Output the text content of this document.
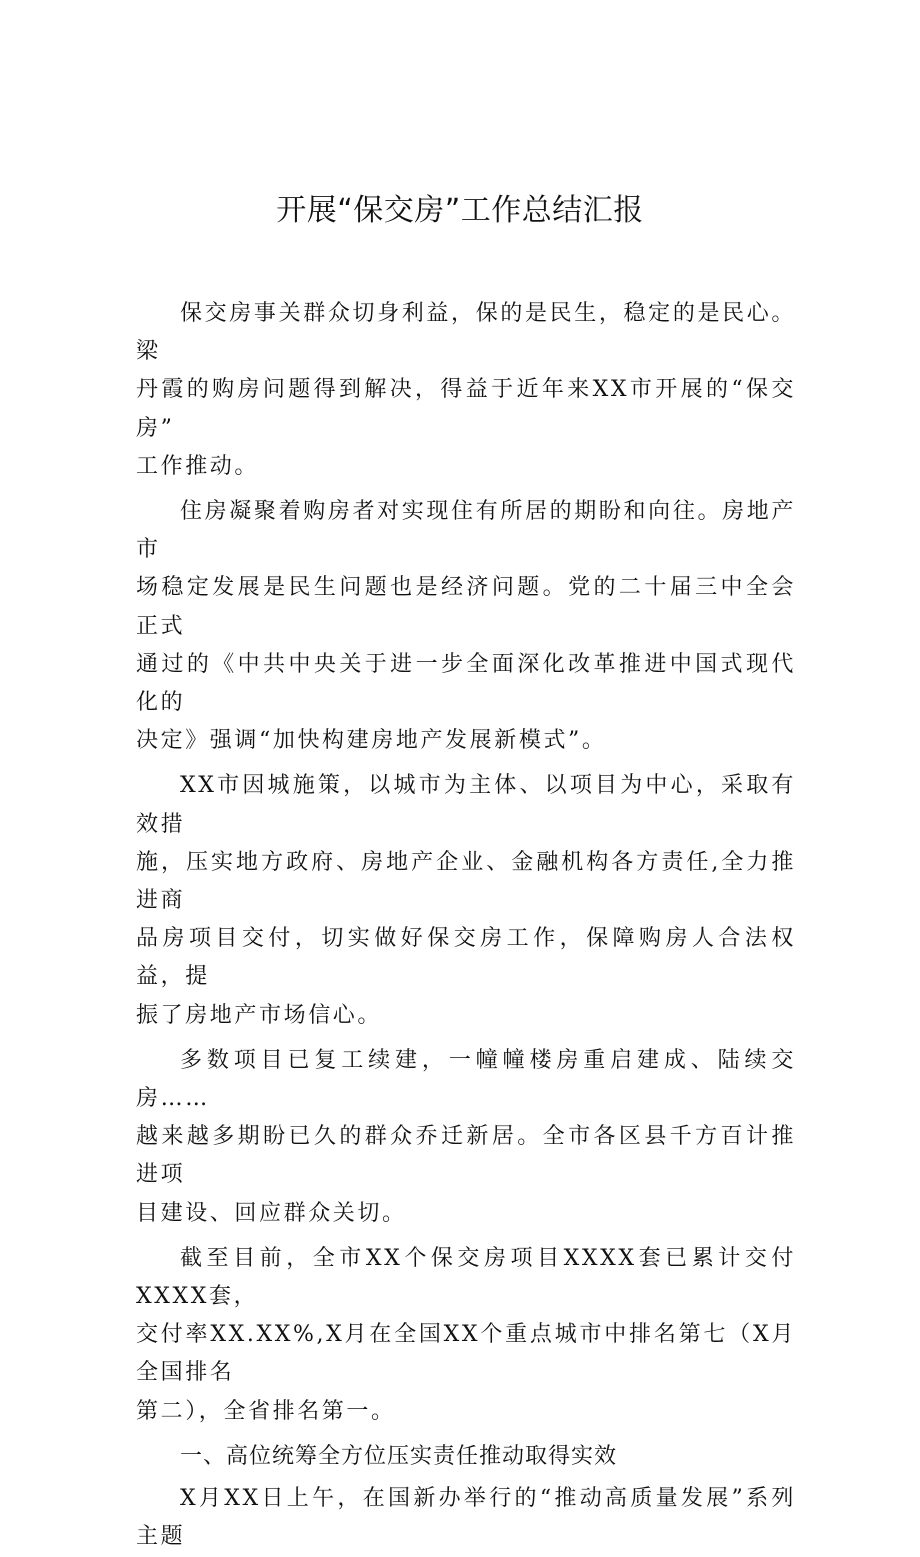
开展“保交房”工作总结汇报

保交房事关群众切身利益，保的是民生，稳定的是民心。梁
丹霞的购房问题得到解决，得益于近年来XX市开展的“保交房”
工作推动。

住房凝聚着购房者对实现住有所居的期盼和向往。房地产市
场稳定发展是民生问题也是经济问题。党的二十届三中全会正式
通过的《中共中央关于进一步全面深化改革推进中国式现代化的
决定》强调“加快构建房地产发展新模式”。

XX市因城施策，以城市为主体、以项目为中心，采取有效措
施，压实地方政府、房地产企业、金融机构各方责任,全力推进商
品房项目交付，切实做好保交房工作，保障购房人合法权益，提
振了房地产市场信心。

多数项目已复工续建，一幢幢楼房重启建成、陆续交房……
越来越多期盼已久的群众乔迁新居。全市各区县千方百计推进项
目建设、回应群众关切。

截至目前，全市XX个保交房项目XXXX套已累计交付XXXX套，
交付率XX.XX%,X月在全国XX个重点城市中排名第七（X月全国排名
第二），全省排名第一。

一、高位统筹全方位压实责任推动取得实效

X月XX日上午，在国新办举行的“推动高质量发展”系列主题
